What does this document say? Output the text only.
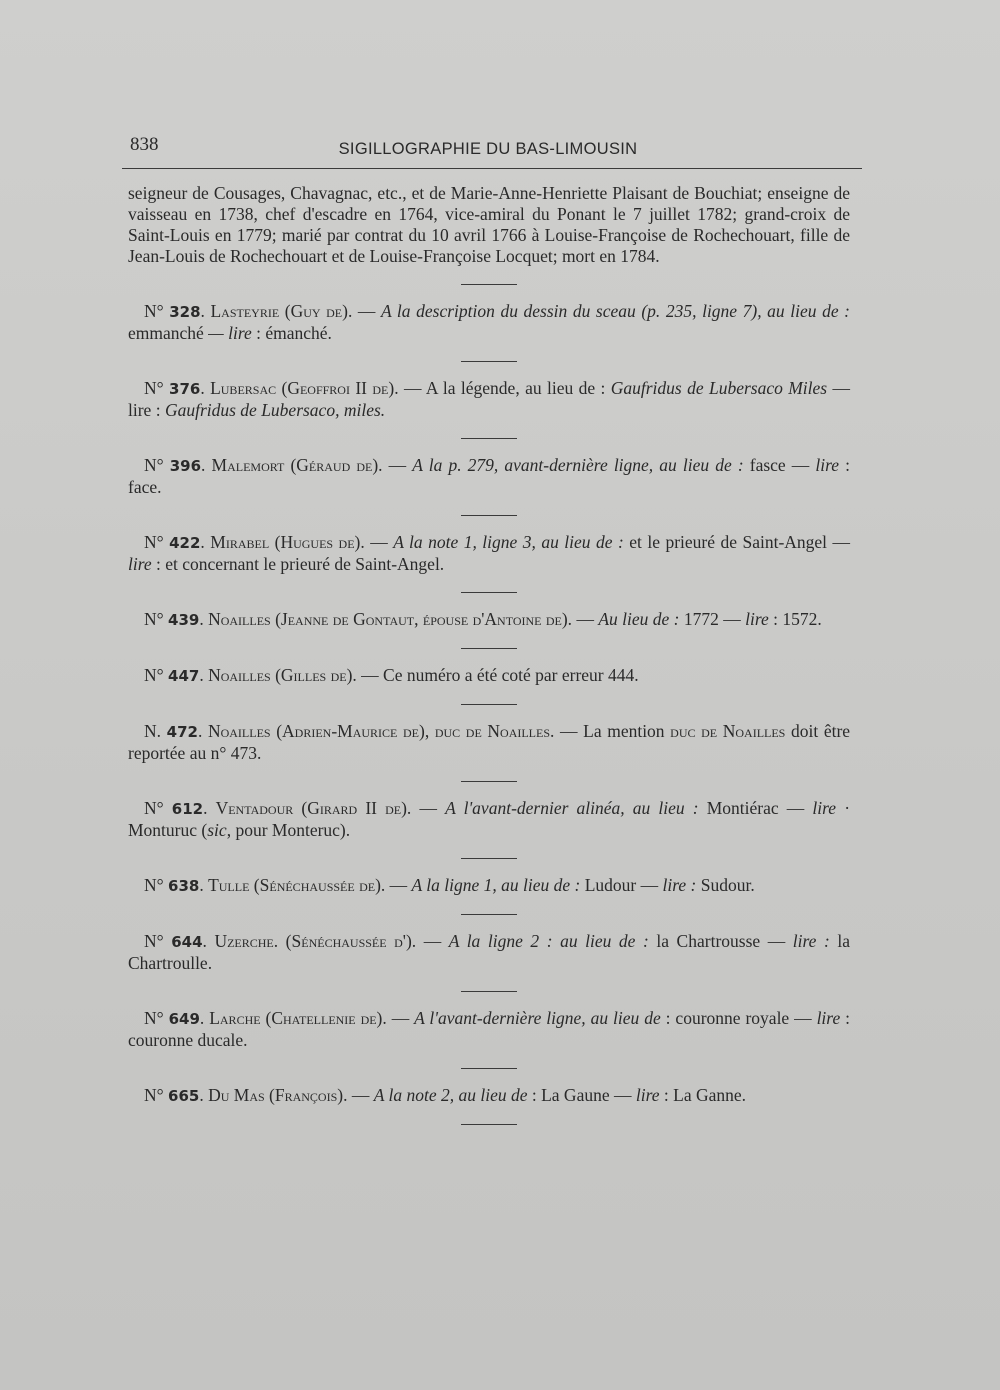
838	SIGILLOGRAPHIE DU BAS-LIMOUSIN

seigneur de Cousages, Chavagnac, etc., et de Marie-Anne-Henriette Plaisant de Bouchiat; enseigne de vaisseau en 1738, chef d'escadre en 1764, vice-amiral du Ponant le 7 juillet 1782; grand-croix de Saint-Louis en 1779; marié par contrat du 10 avril 1766 à Louise-Françoise de Rochechouart, fille de Jean-Louis de Rochechouart et de Louise-Françoise Locquet; mort en 1784.

N° 328. Lasteyrie (Guy de). — A la description du dessin du sceau (p. 235, ligne 7), au lieu de : emmanché — lire : émanché.

N° 376. Lubersac (Geoffroi II de). — A la légende, au lieu de : Gaufridus de Lubersaco Miles — lire : Gaufridus de Lubersaco, miles.

N° 396. Malemort (Géraud de). — A la p. 279, avant-dernière ligne, au lieu de : fasce — lire : face.

N° 422. Mirabel (Hugues de). — A la note 1, ligne 3, au lieu de : et le prieuré de Saint-Angel — lire : et concernant le prieuré de Saint-Angel.

N° 439. Noailles (Jeanne de Gontaut, épouse d'Antoine de). — Au lieu de : 1772 — lire : 1572.

N° 447. Noailles (Gilles de). — Ce numéro a été coté par erreur 444.

N. 472. Noailles (Adrien-Maurice de), duc de Noailles. — La mention duc de Noailles doit être reportée au n° 473.

N° 612. Ventadour (Girard II de). — A l'avant-dernier alinéa, au lieu : Montiérac — lire · Monturuc (sic, pour Monteruc).

N° 638. Tulle (Sénéchaussée de). — A la ligne 1, au lieu de : Ludour — lire : Sudour.

N° 644. Uzerche. (Sénéchaussée d'). — A la ligne 2 : au lieu de : la Chartrousse — lire : la Chartroulle.

N° 649. Larche (Chatellenie de). — A l'avant-dernière ligne, au lieu de : couronne royale — lire : couronne ducale.

N° 665. Du Mas (François). — A la note 2, au lieu de : La Gaune — lire : La Ganne.
